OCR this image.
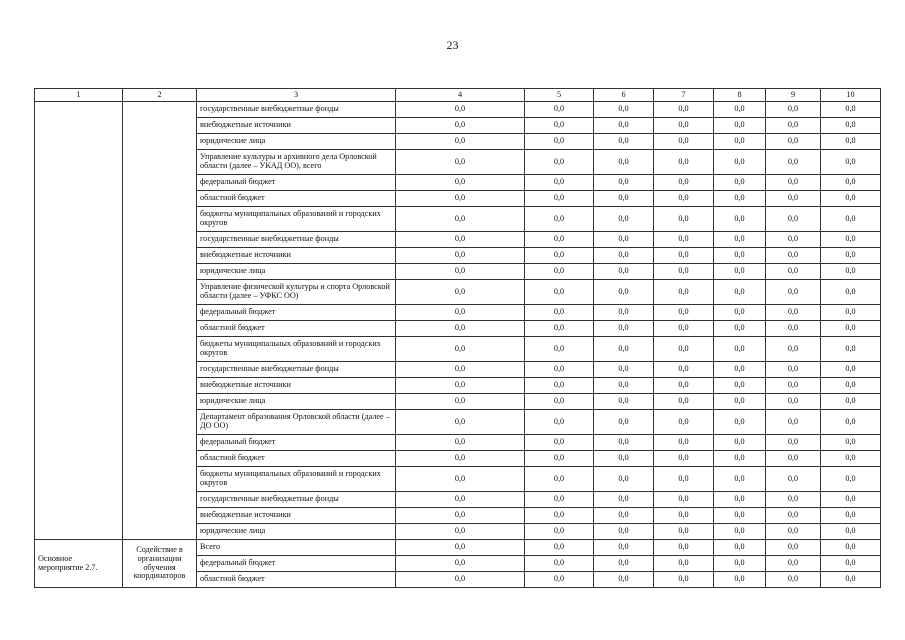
23
1	2	3	4	5	6	7	8	9	10
		государственные внебюджетные фонды	0,0	0,0	0,0	0,0	0,0	0,0	0,0
		внебюджетные источники	0,0	0,0	0,0	0,0	0,0	0,0	0,0
		юридические лица	0,0	0,0	0,0	0,0	0,0	0,0	0,0
		Управление культуры и архивного дела Орловской области (далее – УКАД ОО), всего	0,0	0,0	0,0	0,0	0,0	0,0	0,0
		федеральный бюджет	0,0	0,0	0,0	0,0	0,0	0,0	0,0
		областной бюджет	0,0	0,0	0,0	0,0	0,0	0,0	0,0
		бюджеты муниципальных образований и городских округов	0,0	0,0	0,0	0,0	0,0	0,0	0,0
		государственные внебюджетные фонды	0,0	0,0	0,0	0,0	0,0	0,0	0,0
		внебюджетные источники	0,0	0,0	0,0	0,0	0,0	0,0	0,0
		юридические лица	0,0	0,0	0,0	0,0	0,0	0,0	0,0
		Управление физической культуры и спорта Орловской области (далее – УФКС ОО)	0,0	0,0	0,0	0,0	0,0	0,0	0,0
		федеральный бюджет	0,0	0,0	0,0	0,0	0,0	0,0	0,0
		областной бюджет	0,0	0,0	0,0	0,0	0,0	0,0	0,0
		бюджеты муниципальных образований и городских округов	0,0	0,0	0,0	0,0	0,0	0,0	0,0
		государственные внебюджетные фонды	0,0	0,0	0,0	0,0	0,0	0,0	0,0
		внебюджетные источники	0,0	0,0	0,0	0,0	0,0	0,0	0,0
		юридические лица	0,0	0,0	0,0	0,0	0,0	0,0	0,0
		Департамент образования Орловской области (далее – ДО ОО)	0,0	0,0	0,0	0,0	0,0	0,0	0,0
		федеральный бюджет	0,0	0,0	0,0	0,0	0,0	0,0	0,0
		областной бюджет	0,0	0,0	0,0	0,0	0,0	0,0	0,0
		бюджеты муниципальных образований и городских округов	0,0	0,0	0,0	0,0	0,0	0,0	0,0
		государственные внебюджетные фонды	0,0	0,0	0,0	0,0	0,0	0,0	0,0
		внебюджетные источники	0,0	0,0	0,0	0,0	0,0	0,0	0,0
		юридические лица	0,0	0,0	0,0	0,0	0,0	0,0	0,0
Основное мероприятие 2.7.	Содействие в организации обучения координаторов	Всего	0,0	0,0	0,0	0,0	0,0	0,0	0,0
		федеральный бюджет	0,0	0,0	0,0	0,0	0,0	0,0	0,0
		областной бюджет	0,0	0,0	0,0	0,0	0,0	0,0	0,0
